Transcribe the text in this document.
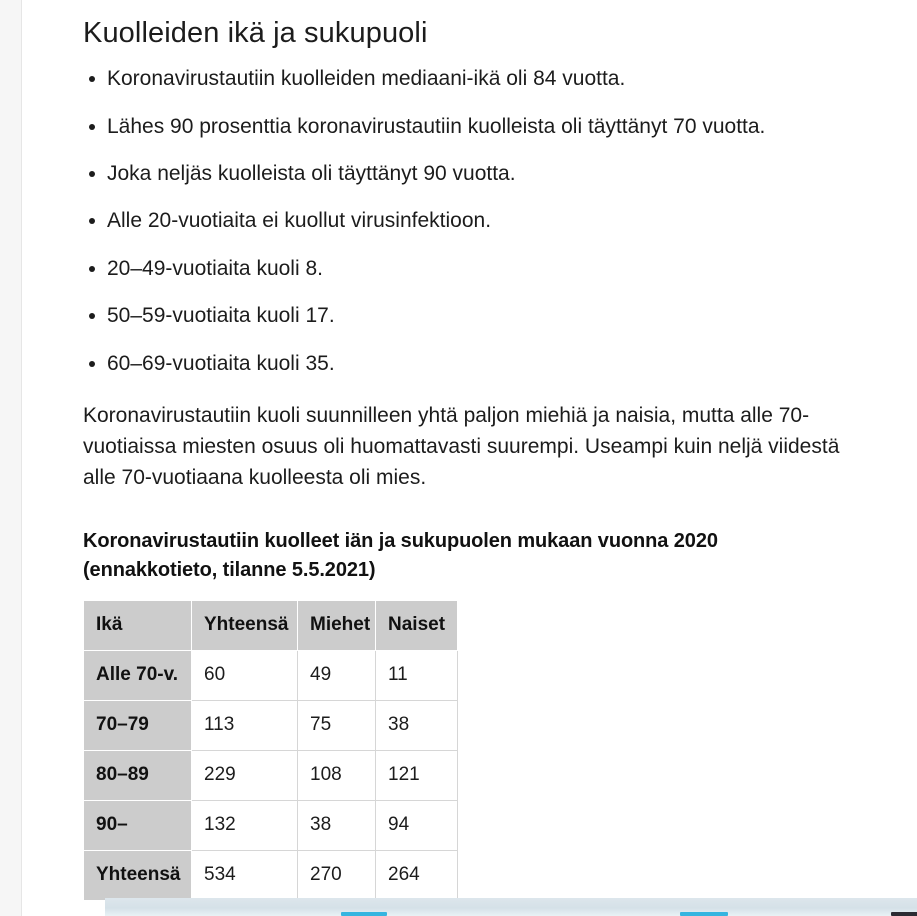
Kuolleiden ikä ja sukupuoli
Koronavirustautiin kuolleiden mediaani-ikä oli 84 vuotta.
Lähes 90 prosenttia koronavirustautiin kuolleista oli täyttänyt 70 vuotta.
Joka neljäs kuolleista oli täyttänyt 90 vuotta.
Alle 20-vuotiaita ei kuollut virusinfektioon.
20–49-vuotiaita kuoli 8.
50–59-vuotiaita kuoli 17.
60–69-vuotiaita kuoli 35.

Koronavirustautiin kuoli suunnilleen yhtä paljon miehiä ja naisia, mutta alle 70-vuotiaissa miesten osuus oli huomattavasti suurempi. Useampi kuin neljä viidestä alle 70-vuotiaana kuolleesta oli mies.

Koronavirustautiin kuolleet iän ja sukupuolen mukaan vuonna 2020 (ennakkotieto, tilanne 5.5.2021)

Ikä	Yhteensä	Miehet	Naiset
Alle 70-v.	60	49	11
70–79	113	75	38
80–89	229	108	121
90–	132	38	94
Yhteensä	534	270	264
